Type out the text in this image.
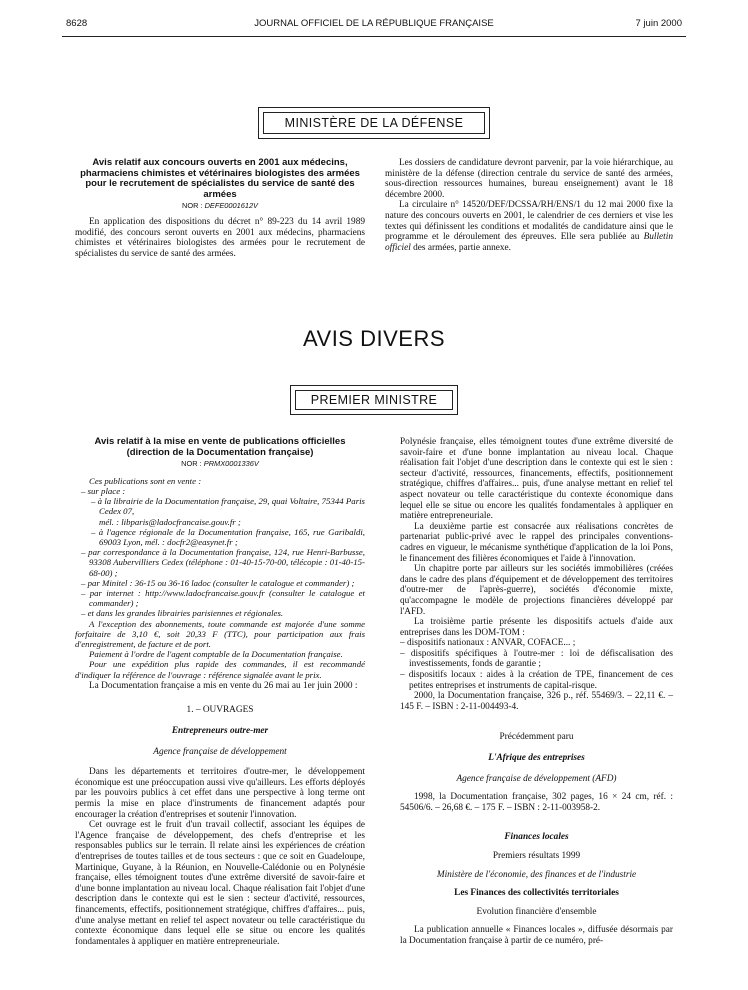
8628	JOURNAL OFFICIEL DE LA RÉPUBLIQUE FRANÇAISE	7 juin 2000
MINISTÈRE DE LA DÉFENSE

Avis relatif aux concours ouverts en 2001 aux médecins, pharmaciens chimistes et vétérinaires biologistes des armées pour le recrutement de spécialistes du service de santé des armées

NOR : DEFE0001612V

En application des dispositions du décret n° 89-223 du 14 avril 1989 modifié, des concours seront ouverts en 2001 aux médecins, pharmaciens chimistes et vétérinaires biologistes des armées pour le recrutement de spécialistes du service de santé des armées.

Les dossiers de candidature devront parvenir, par la voie hiérarchique, au ministère de la défense (direction centrale du service de santé des armées, sous-direction ressources humaines, bureau enseignement) avant le 18 décembre 2000.

La circulaire n° 14520/DEF/DCSSA/RH/ENS/1 du 12 mai 2000 fixe la nature des concours ouverts en 2001, le calendrier de ces derniers et vise les textes qui définissent les conditions et modalités de candidature ainsi que le programme et le déroulement des épreuves. Elle sera publiée au Bulletin officiel des armées, partie annexe.

AVIS DIVERS
PREMIER MINISTRE

Avis relatif à la mise en vente de publications officielles (direction de la Documentation française)

NOR : PRMX0001336V

Ces publications sont en vente :

– sur place :

– à la librairie de la Documentation française, 29, quai Voltaire, 75344 Paris Cedex 07,

mél. : libparis@ladocfrancaise.gouv.fr ;

– à l'agence régionale de la Documentation française, 165, rue Garibaldi, 69003 Lyon, mél. : docfr2@easynet.fr ;

– par correspondance à la Documentation française, 124, rue Henri-Barbusse, 93308 Aubervilliers Cedex (téléphone : 01-40-15-70-00, télécopie : 01-40-15-68-00) ;

– par Minitel : 36-15 ou 36-16 ladoc (consulter le catalogue et commander) ;

– par internet : http://www.ladocfrancaise.gouv.fr (consulter le catalogue et commander) ;

– et dans les grandes librairies parisiennes et régionales.

A l'exception des abonnements, toute commande est majorée d'une somme forfaitaire de 3,10 €, soit 20,33 F (TTC), pour participation aux frais d'enregistrement, de facture et de port.

Paiement à l'ordre de l'agent comptable de la Documentation française.

Pour une expédition plus rapide des commandes, il est recommandé d'indiquer la référence de l'ouvrage : référence signalée avant le prix.

La Documentation française a mis en vente du 26 mai au 1er juin 2000 :

1. – OUVRAGES

Entrepreneurs outre-mer

Agence française de développement

Dans les départements et territoires d'outre-mer, le développement économique est une préoccupation aussi vive qu'ailleurs. Les efforts déployés par les pouvoirs publics à cet effet dans une perspective à long terme ont permis la mise en place d'instruments de financement adaptés pour encourager la création d'entreprises et soutenir l'innovation.

Cet ouvrage est le fruit d'un travail collectif, associant les équipes de l'Agence française de développement, des chefs d'entreprise et les responsables publics sur le terrain. Il relate ainsi les expériences de création d'entreprises de toutes tailles et de tous secteurs : que ce soit en Guadeloupe, Martinique, Guyane, à la Réunion, en Nouvelle-Calédonie ou en Polynésie française, elles témoignent toutes d'une extrême diversité de savoir-faire et d'une bonne implantation au niveau local. Chaque réalisation fait l'objet d'une description dans le contexte qui est le sien : secteur d'activité, ressources, financements, effectifs, positionnement stratégique, chiffres d'affaires... puis, d'une analyse mettant en relief tel aspect novateur ou telle caractéristique du contexte économique dans lequel elle se situe ou encore les qualités fondamentales à appliquer en matière entrepreneuriale.

Polynésie française, elles témoignent toutes d'une extrême diversité de savoir-faire et d'une bonne implantation au niveau local. Chaque réalisation fait l'objet d'une description dans le contexte qui est le sien : secteur d'activité, ressources, financements, effectifs, positionnement stratégique, chiffres d'affaires... puis, d'une analyse mettant en relief tel aspect novateur ou telle caractéristique du contexte économique dans lequel elle se situe ou encore les qualités fondamentales à appliquer en matière entrepreneuriale.

La deuxième partie est consacrée aux réalisations concrètes de partenariat public-privé avec le rappel des principales conventions-cadres en vigueur, le mécanisme synthétique d'application de la loi Pons, le financement des filières économiques et l'aide à l'innovation.

Un chapitre porte par ailleurs sur les sociétés immobilières (créées dans le cadre des plans d'équipement et de développement des territoires d'outre-mer de l'après-guerre), sociétés d'économie mixte, qu'accompagne le modèle de projections financières développé par l'AFD.

La troisième partie présente les dispositifs actuels d'aide aux entreprises dans les DOM-TOM :

– dispositifs nationaux : ANVAR, COFACE... ;

– dispositifs spécifiques à l'outre-mer : loi de défiscalisation des investissements, fonds de garantie ;

– dispositifs locaux : aides à la création de TPE, financement de ces petites entreprises et instruments de capital-risque.

2000, la Documentation française, 326 p., réf. 55469/3. – 22,11 €. – 145 F. – ISBN : 2-11-004493-4.

Précédemment paru

L'Afrique des entreprises

Agence française de développement (AFD)

1998, la Documentation française, 302 pages, 16 × 24 cm, réf. : 54506/6. – 26,68 €. – 175 F. – ISBN : 2-11-003958-2.

Finances locales

Premiers résultats 1999

Ministère de l'économie, des finances et de l'industrie

Les Finances des collectivités territoriales

Evolution financière d'ensemble

La publication annuelle « Finances locales », diffusée désormais par la Documentation française à partir de ce numéro, pré-
